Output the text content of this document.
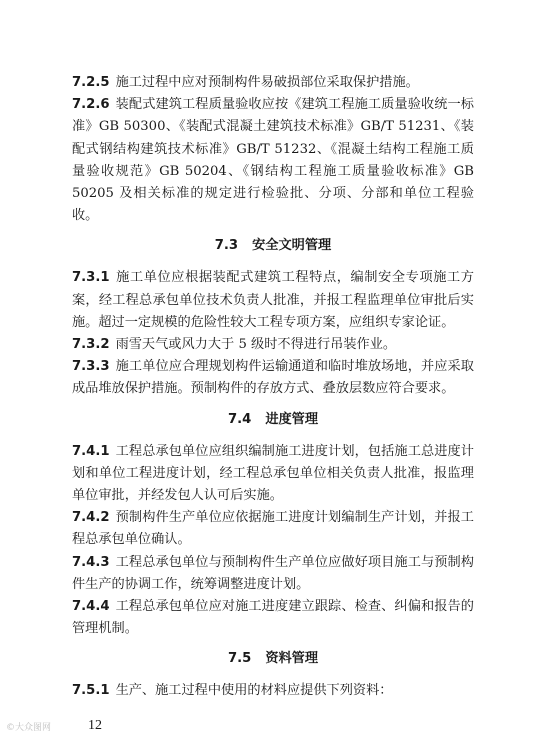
7.2.5 施工过程中应对预制构件易破损部位采取保护措施。

7.2.6 装配式建筑工程质量验收应按《建筑工程施工质量验收统一标准》GB 50300、《装配式混凝土建筑技术标准》GB/T 51231、《装配式钢结构建筑技术标准》GB/T 51232、《混凝土结构工程施工质量验收规范》GB 50204、《钢结构工程施工质量验收标准》GB 50205 及相关标准的规定进行检验批、分项、分部和单位工程验收。

7.3 安全文明管理

7.3.1 施工单位应根据装配式建筑工程特点，编制安全专项施工方案，经工程总承包单位技术负责人批准，并报工程监理单位审批后实施。超过一定规模的危险性较大工程专项方案，应组织专家论证。

7.3.2 雨雪天气或风力大于 5 级时不得进行吊装作业。

7.3.3 施工单位应合理规划构件运输通道和临时堆放场地，并应采取成品堆放保护措施。预制构件的存放方式、叠放层数应符合要求。

7.4 进度管理

7.4.1 工程总承包单位应组织编制施工进度计划，包括施工总进度计划和单位工程进度计划，经工程总承包单位相关负责人批准，报监理单位审批，并经发包人认可后实施。

7.4.2 预制构件生产单位应依据施工进度计划编制生产计划，并报工程总承包单位确认。

7.4.3 工程总承包单位与预制构件生产单位应做好项目施工与预制构件生产的协调工作，统筹调整进度计划。

7.4.4 工程总承包单位应对施工进度建立跟踪、检查、纠偏和报告的管理机制。

7.5 资料管理

7.5.1 生产、施工过程中使用的材料应提供下列资料：

©大众图网	12
